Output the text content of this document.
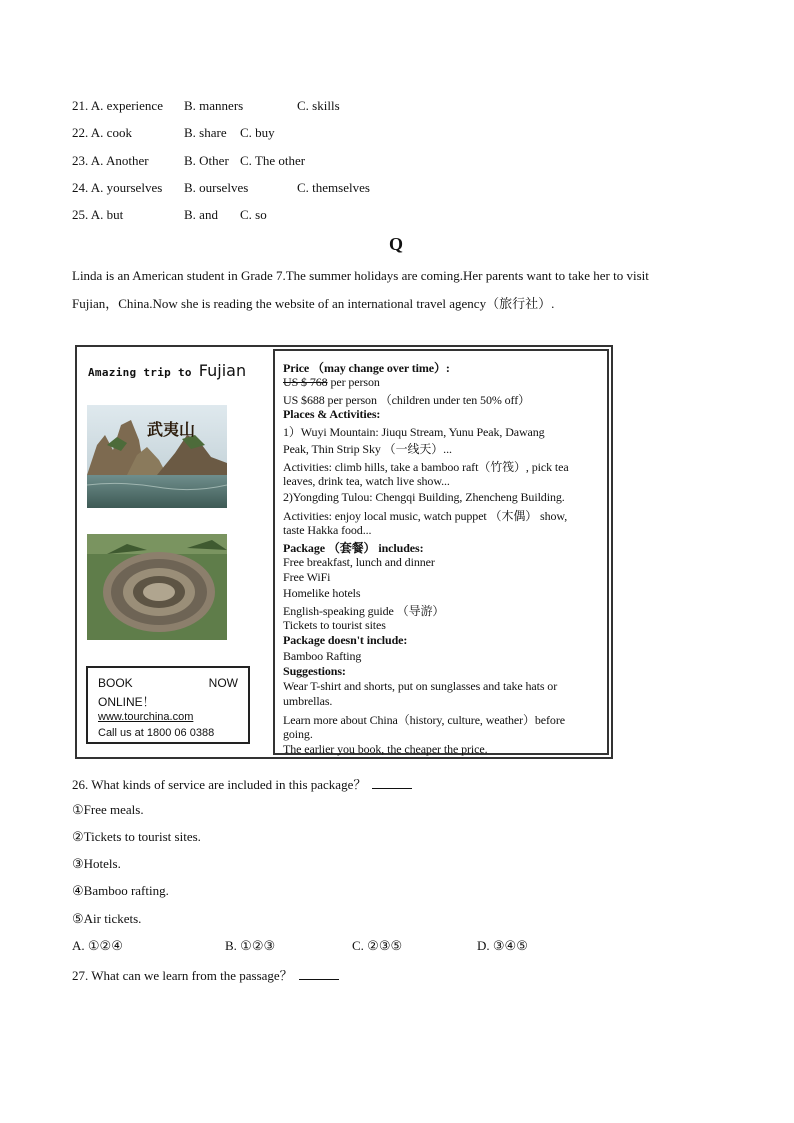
21. A. experience B. manners	C. skills
22. A. cook	B. share C. buy
23. A. Another	B. Other C. The other
24. A. yourselves B. ourselves	C. themselves
25. A. but	B. and C. so
Q
Linda is an American student in Grade 7.The summer holidays are coming.Her parents want to take her to visit
Fujian，China.Now she is reading the website of an international travel agency（旅行社）.
Amazing trip to Fujian
武夷山
BOOK	NOW
ONLINE！
www.tourchina.com
Call us at 1800 06 0388
Price （may change over time）:
US $ 768 per person
US $688 per person （children under ten 50% off）
Places & Activities:
1）Wuyi Mountain: Jiuqu Stream, Yunu Peak, Dawang
Peak, Thin Strip Sky （一线天）...
Activities: climb hills, take a bamboo raft（竹筏）, pick tea
leaves, drink tea, watch live show...
2)Yongding Tulou: Chengqi Building, Zhencheng Building.
Activities: enjoy local music, watch puppet （木偶） show,
taste Hakka food...
Package （套餐） includes:
Free breakfast, lunch and dinner
Free WiFi
Homelike hotels
English-speaking guide （导游）
Tickets to tourist sites
Package doesn't include:
Bamboo Rafting
Suggestions:
Wear T-shirt and shorts, put on sunglasses and take hats or
umbrellas.
Learn more about China（history, culture, weather）before
going.
The earlier you book, the cheaper the price.
26. What kinds of service are included in this package？
①Free meals.
②Tickets to tourist sites.
③Hotels.
④Bamboo rafting.
⑤Air tickets.
A. ①②④	B. ①②③	C. ②③⑤	D. ③④⑤
27. What can we learn from the passage？
